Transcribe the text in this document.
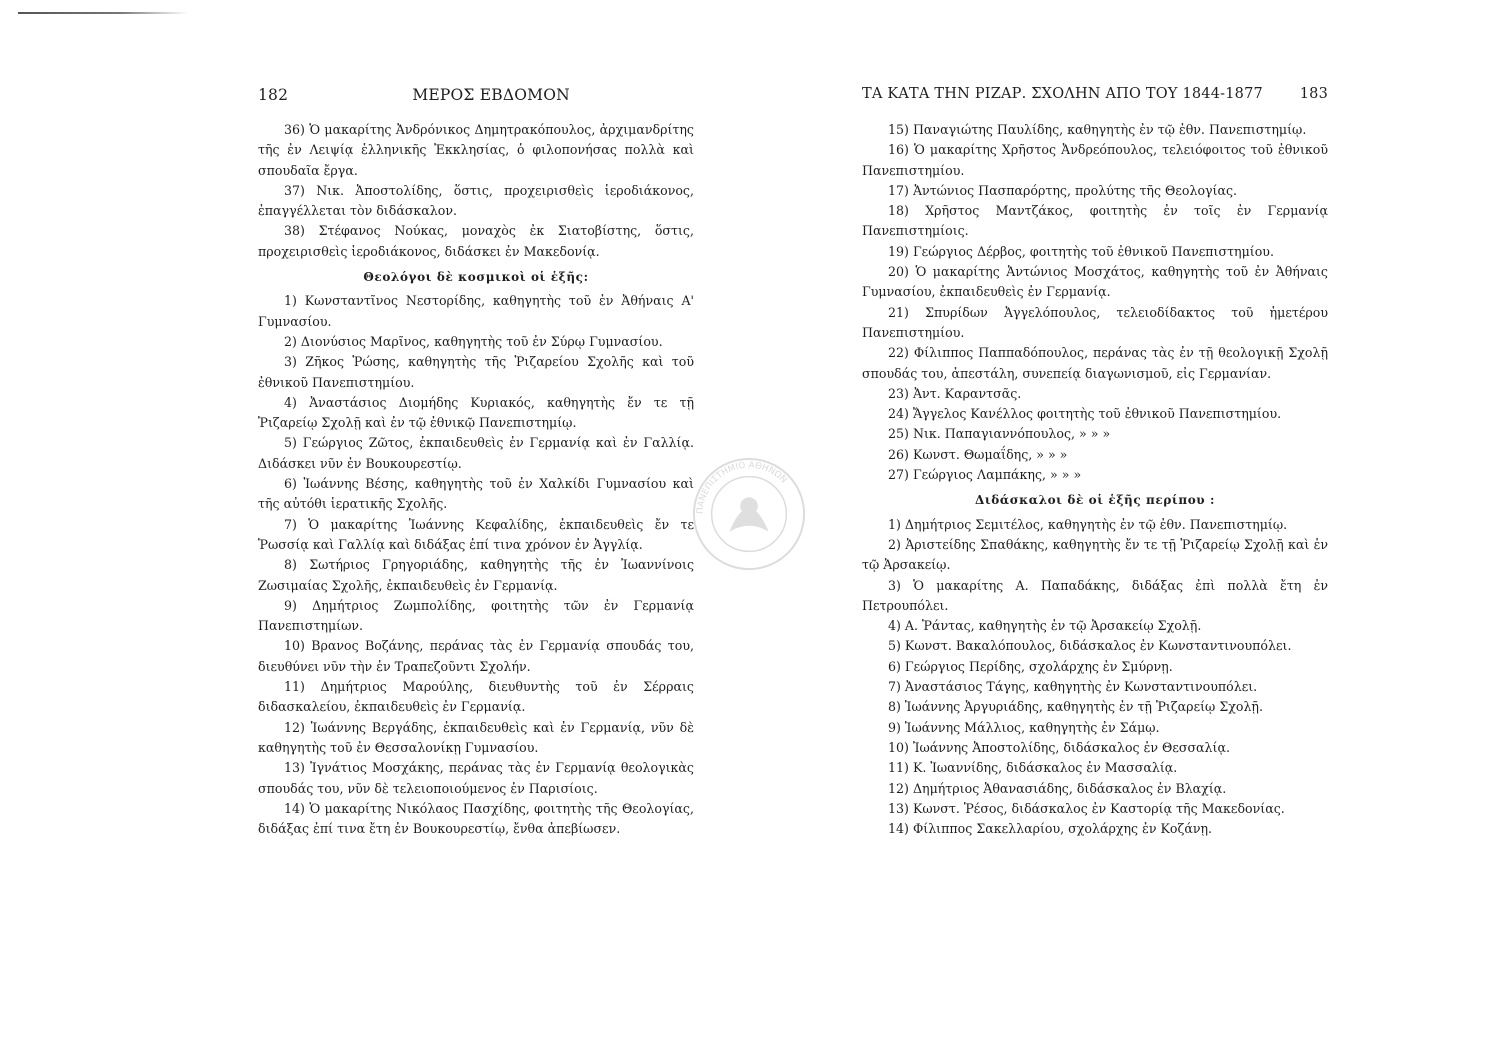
182	ΜΕΡΟΣ ΕΒΔΟΜΟΝ

36) Ὁ μακαρίτης Ἀνδρόνικος Δημητρακόπουλος, ἀρχιμανδρίτης τῆς ἐν Λειψίᾳ ἑλληνικῆς Ἐκκλησίας, ὁ φιλοπονήσας πολλὰ καὶ σπουδαῖα ἔργα.

37) Νικ. Ἀποστολίδης, ὅστις, προχειρισθεὶς ἱεροδιάκονος, ἐπαγγέλλεται τὸν διδάσκαλον.

38) Στέφανος Νούκας, μοναχὸς ἐκ Σιατοβίστης, ὅστις, προχειρισθεὶς ἱεροδιάκονος, διδάσκει ἐν Μακεδονίᾳ.

Θεολόγοι δὲ κοσμικοὶ οἱ ἑξῆς:

1) Κωνσταντῖνος Νεστορίδης, καθηγητὴς τοῦ ἐν Ἀθήναις Α' Γυμνασίου.

2) Διονύσιος Μαρῖνος, καθηγητὴς τοῦ ἐν Σύρῳ Γυμνασίου.

3) Ζῆκος Ῥώσης, καθηγητὴς τῆς Ῥιζαρείου Σχολῆς καὶ τοῦ ἐθνικοῦ Πανεπιστημίου.

4) Ἀναστάσιος Διομήδης Κυριακός, καθηγητὴς ἔν τε τῇ Ῥιζαρείῳ Σχολῇ καὶ ἐν τῷ ἐθνικῷ Πανεπιστημίῳ.

5) Γεώργιος Ζῶτος, ἐκπαιδευθεὶς ἐν Γερμανίᾳ καὶ ἐν Γαλλίᾳ. Διδάσκει νῦν ἐν Βουκουρεστίῳ.

6) Ἰωάννης Βέσης, καθηγητὴς τοῦ ἐν Χαλκίδι Γυμνασίου καὶ τῆς αὐτόθι ἱερατικῆς Σχολῆς.

7) Ὁ μακαρίτης Ἰωάννης Κεφαλίδης, ἐκπαιδευθεὶς ἔν τε Ῥωσσίᾳ καὶ Γαλλίᾳ καὶ διδάξας ἐπί τινα χρόνον ἐν Ἀγγλίᾳ.

8) Σωτήριος Γρηγοριάδης, καθηγητὴς τῆς ἐν Ἰωαννίνοις Ζωσιμαίας Σχολῆς, ἐκπαιδευθεὶς ἐν Γερμανίᾳ.

9) Δημήτριος Ζωμπολίδης, φοιτητὴς τῶν ἐν Γερμανίᾳ Πανεπιστημίων.

10) Βρανος Βοζάνης, περάνας τὰς ἐν Γερμανίᾳ σπουδάς του, διευθύνει νῦν τὴν ἐν Τραπεζοῦντι Σχολήν.

11) Δημήτριος Μαρούλης, διευθυντὴς τοῦ ἐν Σέρραις διδασκαλείου, ἐκπαιδευθεὶς ἐν Γερμανίᾳ.

12) Ἰωάννης Βεργάδης, ἐκπαιδευθεὶς καὶ ἐν Γερμανίᾳ, νῦν δὲ καθηγητὴς τοῦ ἐν Θεσσαλονίκῃ Γυμνασίου.

13) Ἰγνάτιος Μοσχάκης, περάνας τὰς ἐν Γερμανίᾳ θεολογικὰς σπουδάς του, νῦν δὲ τελειοποιούμενος ἐν Παρισίοις.

14) Ὁ μακαρίτης Νικόλαος Πασχίδης, φοιτητὴς τῆς Θεολογίας, διδάξας ἐπί τινα ἔτη ἐν Βουκουρεστίῳ, ἔνθα ἀπεβίωσεν.

ΠΑΝΕΠΙΣΤΗΜΙΟ ΑΘΗΝΩΝ
ΤΑ ΚΑΤΑ ΤΗΝ ΡΙΖΑΡ. ΣΧΟΛΗΝ ΑΠΟ ΤΟΥ 1844-1877	183

15) Παναγιώτης Παυλίδης, καθηγητὴς ἐν τῷ ἐθν. Πανεπιστημίῳ.

16) Ὁ μακαρίτης Χρῆστος Ἀνδρεόπουλος, τελειόφοιτος τοῦ ἐθνικοῦ Πανεπιστημίου.

17) Ἀντώνιος Πασπαρόρτης, προλύτης τῆς Θεολογίας.

18) Χρῆστος Μαντζάκος, φοιτητὴς ἐν τοῖς ἐν Γερμανίᾳ Πανεπιστημίοις.

19) Γεώργιος Δέρβος, φοιτητὴς τοῦ ἐθνικοῦ Πανεπιστημίου.

20) Ὁ μακαρίτης Ἀντώνιος Μοσχάτος, καθηγητὴς τοῦ ἐν Ἀθήναις Γυμνασίου, ἐκπαιδευθεὶς ἐν Γερμανίᾳ.

21) Σπυρίδων Ἀγγελόπουλος, τελειοδίδακτος τοῦ ἡμετέρου Πανεπιστημίου.

22) Φίλιππος Παππαδόπουλος, περάνας τὰς ἐν τῇ θεολογικῇ Σχολῇ σπουδάς του, ἀπεστάλη, συνεπείᾳ διαγωνισμοῦ, εἰς Γερμανίαν.

23) Ἀντ. Καραντσᾶς.

24) Ἄγγελος Κανέλλος φοιτητὴς τοῦ ἐθνικοῦ Πανεπιστημίου.

25) Νικ. Παπαγιαννόπουλος, » » »

26) Κωνστ. Θωμαΐδης, » » »

27) Γεώργιος Λαμπάκης, » » »

Διδάσκαλοι δὲ οἱ ἑξῆς περίπου :

1) Δημήτριος Σεμιτέλος, καθηγητὴς ἐν τῷ ἐθν. Πανεπιστημίῳ.

2) Ἀριστείδης Σπαθάκης, καθηγητὴς ἔν τε τῇ Ῥιζαρείῳ Σχολῇ καὶ ἐν τῷ Ἀρσακείῳ.

3) Ὁ μακαρίτης Α. Παπαδάκης, διδάξας ἐπὶ πολλὰ ἔτη ἐν Πετρουπόλει.

4) Α. Ῥάντας, καθηγητὴς ἐν τῷ Ἀρσακείῳ Σχολῇ.

5) Κωνστ. Βακαλόπουλος, διδάσκαλος ἐν Κωνσταντινουπόλει.

6) Γεώργιος Περίδης, σχολάρχης ἐν Σμύρνῃ.

7) Ἀναστάσιος Τάγης, καθηγητὴς ἐν Κωνσταντινουπόλει.

8) Ἰωάννης Ἀργυριάδης, καθηγητὴς ἐν τῇ Ῥιζαρείῳ Σχολῇ.

9) Ἰωάννης Μάλλιος, καθηγητὴς ἐν Σάμῳ.

10) Ἰωάννης Ἀποστολίδης, διδάσκαλος ἐν Θεσσαλίᾳ.

11) Κ. Ἰωαννίδης, διδάσκαλος ἐν Μασσαλίᾳ.

12) Δημήτριος Ἀθανασιάδης, διδάσκαλος ἐν Βλαχίᾳ.

13) Κωνστ. Ῥέσος, διδάσκαλος ἐν Καστορίᾳ τῆς Μακεδονίας.

14) Φίλιππος Σακελλαρίου, σχολάρχης ἐν Κοζάνῃ.
